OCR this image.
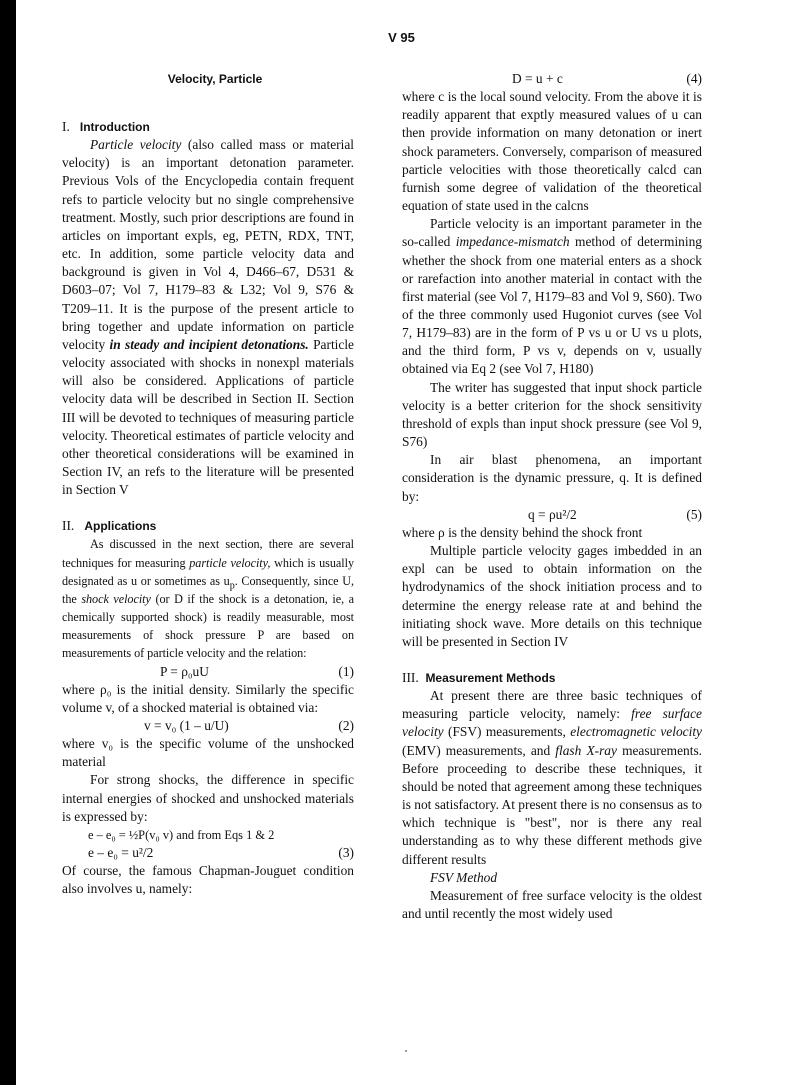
V 95
Velocity, Particle

I. Introduction

Particle velocity (also called mass or material velocity) is an important detonation parameter. Previous Vols of the Encyclopedia contain frequent refs to particle velocity but no single comprehensive treatment. Mostly, such prior descriptions are found in articles on important expls, eg, PETN, RDX, TNT, etc. In addition, some particle velocity data and background is given in Vol 4, D466–67, D531 & D603–07; Vol 7, H179–83 & L32; Vol 9, S76 & T209–11. It is the purpose of the present article to bring together and update information on particle velocity in steady and incipient detonations. Particle velocity associated with shocks in nonexpl materials will also be considered. Applications of particle velocity data will be described in Section II. Section III will be devoted to techniques of measuring particle velocity. Theoretical estimates of particle velocity and other theoretical considerations will be examined in Section IV, an refs to the literature will be presented in Section V

II. Applications

As discussed in the next section, there are several techniques for measuring particle velocity, which is usually designated as u or sometimes as $u_p$. Consequently, since U, the shock velocity (or D if the shock is a detonation, ie, a chemically supported shock) is readily measurable, most measurements of shock pressure P are based on measurements of particle velocity and the relation:

P = ρ₀uU	(1)

where ρ₀ is the initial density. Similarly the specific volume v, of a shocked material is obtained via:

v = v₀ (1 – u/U)	(2)

where v₀ is the specific volume of the unshocked material

For strong shocks, the difference in specific internal energies of shocked and unshocked materials is expressed by:

e – e₀ = ½P(v₀ v) and from Eqs 1 & 2
e – e₀ = u²/2	(3)

Of course, the famous Chapman-Jouguet condition also involves u, namely:

D = u + c	(4)

where c is the local sound velocity. From the above it is readily apparent that exptly measured values of u can then provide information on many detonation or inert shock parameters. Conversely, comparison of measured particle velocities with those theoretically calcd can furnish some degree of validation of the theoretical equation of state used in the calcns

Particle velocity is an important parameter in the so-called impedance-mismatch method of determining whether the shock from one material enters as a shock or rarefaction into another material in contact with the first material (see Vol 7, H179–83 and Vol 9, S60). Two of the three commonly used Hugoniot curves (see Vol 7, H179–83) are in the form of P vs u or U vs u plots, and the third form, P vs v, depends on v, usually obtained via Eq 2 (see Vol 7, H180)

The writer has suggested that input shock particle velocity is a better criterion for the shock sensitivity threshold of expls than input shock pressure (see Vol 9, S76)

In air blast phenomena, an important consideration is the dynamic pressure, q. It is defined by:

q = ρu²/2	(5)

where ρ is the density behind the shock front

Multiple particle velocity gages imbedded in an expl can be used to obtain information on the hydrodynamics of the shock initiation process and to determine the energy release rate at and behind the initiating shock wave. More details on this technique will be presented in Section IV

III. Measurement Methods

At present there are three basic techniques of measuring particle velocity, namely: free surface velocity (FSV) measurements, electromagnetic velocity (EMV) measurements, and flash X-ray measurements. Before proceeding to describe these techniques, it should be noted that agreement among these techniques is not satisfactory. At present there is no consensus as to which technique is "best", nor is there any real understanding as to why these different methods give different results

FSV Method

Measurement of free surface velocity is the oldest and until recently the most widely used
